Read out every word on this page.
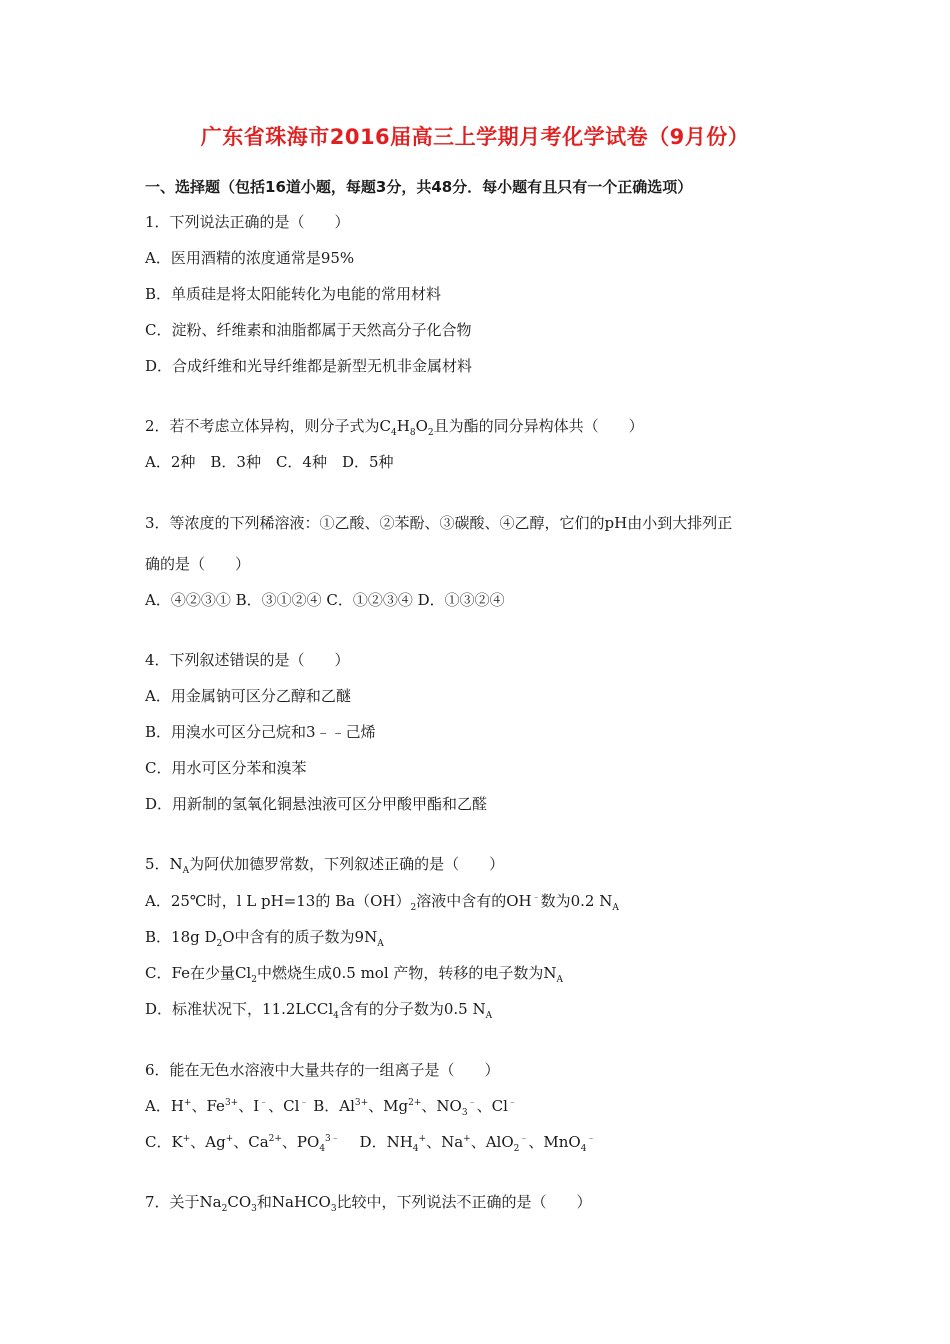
广东省珠海市2016届高三上学期月考化学试卷（9月份）
一、选择题（包括16道小题，每题3分，共48分．每小题有且只有一个正确选项）
1．下列说法正确的是（　　）
A．医用酒精的浓度通常是95%
B．单质硅是将太阳能转化为电能的常用材料
C．淀粉、纤维素和油脂都属于天然高分子化合物
D．合成纤维和光导纤维都是新型无机非金属材料
2．若不考虑立体异构，则分子式为$C_4H_8O_2$且为酯的同分异构体共（　　）
A．2种　B．3种　C．4种　D．5种
3．等浓度的下列稀溶液：①乙酸、②苯酚、③碳酸、④乙醇，它们的pH由小到大排列正
确的是（　　）
A．④②③① B．③①②④ C．①②③④ D．①③②④
4．下列叙述错误的是（　　）
A．用金属钠可区分乙醇和乙醚
B．用溴水可区分己烷和3﹣﹣己烯
C．用水可区分苯和溴苯
D．用新制的氢氧化铜悬浊液可区分甲酸甲酯和乙醛
5．$N_A$为阿伏加德罗常数，下列叙述正确的是（　　）
A．25℃时，l L pH=13的 $Ba(OH)_2$溶液中含有的OH﹣数为0.2 $N_A$
B．18g $D_2O$中含有的质子数为$9N_A$
C．Fe在少量$Cl_2$中燃烧生成0.5 mol 产物，转移的电子数为$N_A$
D．标准状况下，11.2LCCl$_4$含有的分子数为0.5 $N_A$
6．能在无色水溶液中大量共存的一组离子是（　　）
A．H+、$Fe^{3+}$、I﹣、Cl﹣ B．$Al^{3+}$、$Mg^{2+}$、$NO_3^﹣$、Cl﹣
C．K+、Ag+、$Ca^{2+}$、$PO_4^{3﹣}$　 D．$NH_4^+$、Na+、AlO$_2$﹣、MnO$_4$﹣
7．关于$Na_2CO_3$和NaHCO$_3$比较中，下列说法不正确的是（　　）
